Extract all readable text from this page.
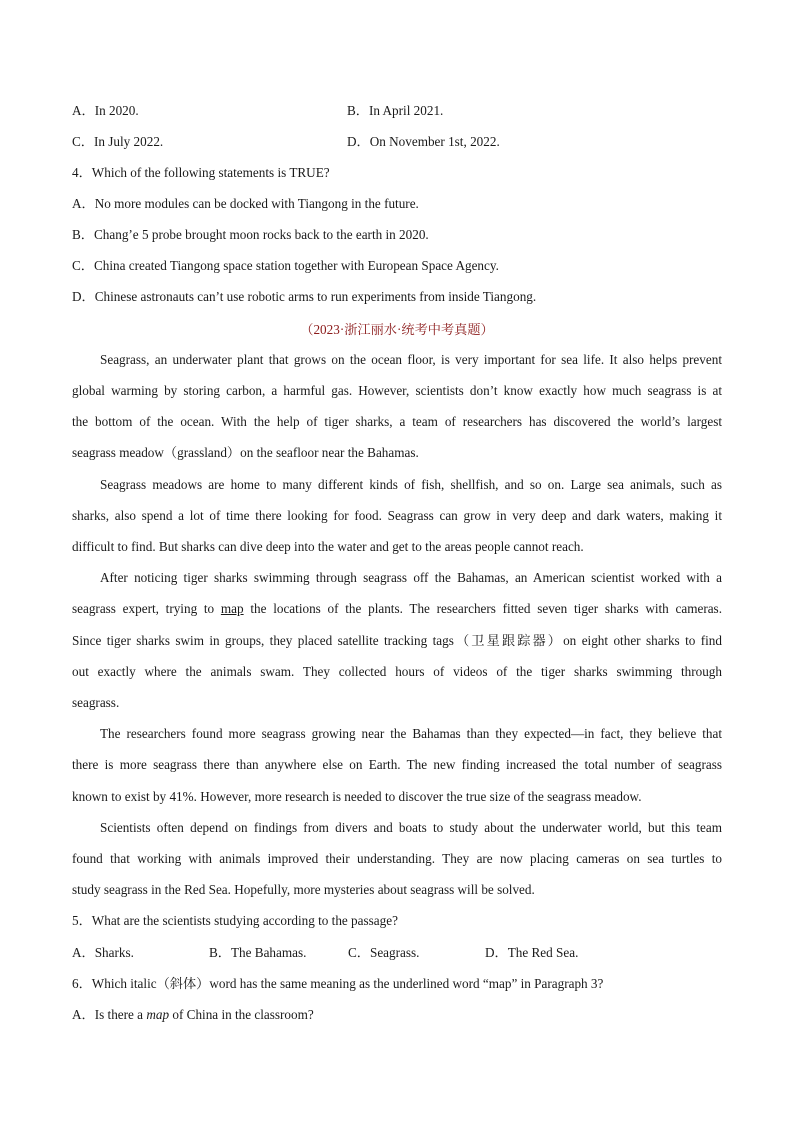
A．In 2020.	B．In April 2021.
C．In July 2022.	D．On November 1st, 2022.
4．Which of the following statements is TRUE?
A．No more modules can be docked with Tiangong in the future.
B．Chang’e 5 probe brought moon rocks back to the earth in 2020.
C．China created Tiangong space station together with European Space Agency.
D．Chinese astronauts can’t use robotic arms to run experiments from inside Tiangong.
（2023·浙江丽水·统考中考真题）
Seagrass, an underwater plant that grows on the ocean floor, is very important for sea life. It also helps prevent
global warming by storing carbon, a harmful gas. However, scientists don’t know exactly how much seagrass is at
the bottom of the ocean. With the help of tiger sharks, a team of researchers has discovered the world’s largest
seagrass meadow（grassland）on the seafloor near the Bahamas.
Seagrass meadows are home to many different kinds of fish, shellfish, and so on. Large sea animals, such as
sharks, also spend a lot of time there looking for food. Seagrass can grow in very deep and dark waters, making it
difficult to find. But sharks can dive deep into the water and get to the areas people cannot reach.
After noticing tiger sharks swimming through seagrass off the Bahamas, an American scientist worked with a
seagrass expert, trying to map the locations of the plants. The researchers fitted seven tiger sharks with cameras.
Since tiger sharks swim in groups, they placed satellite tracking tags（卫星跟踪器）on eight other sharks to find
out exactly where the animals swam. They collected hours of videos of the tiger sharks swimming through
seagrass.
The researchers found more seagrass growing near the Bahamas than they expected—in fact, they believe that
there is more seagrass there than anywhere else on Earth. The new finding increased the total number of seagrass
known to exist by 41%. However, more research is needed to discover the true size of the seagrass meadow.
Scientists often depend on findings from divers and boats to study about the underwater world, but this team
found that working with animals improved their understanding. They are now placing cameras on sea turtles to
study seagrass in the Red Sea. Hopefully, more mysteries about seagrass will be solved.
5．What are the scientists studying according to the passage?
A．Sharks.	B．The Bahamas.	C．Seagrass.	D．The Red Sea.
6．Which italic（斜体）word has the same meaning as the underlined word “map” in Paragraph 3?
A．Is there a map of China in the classroom?
